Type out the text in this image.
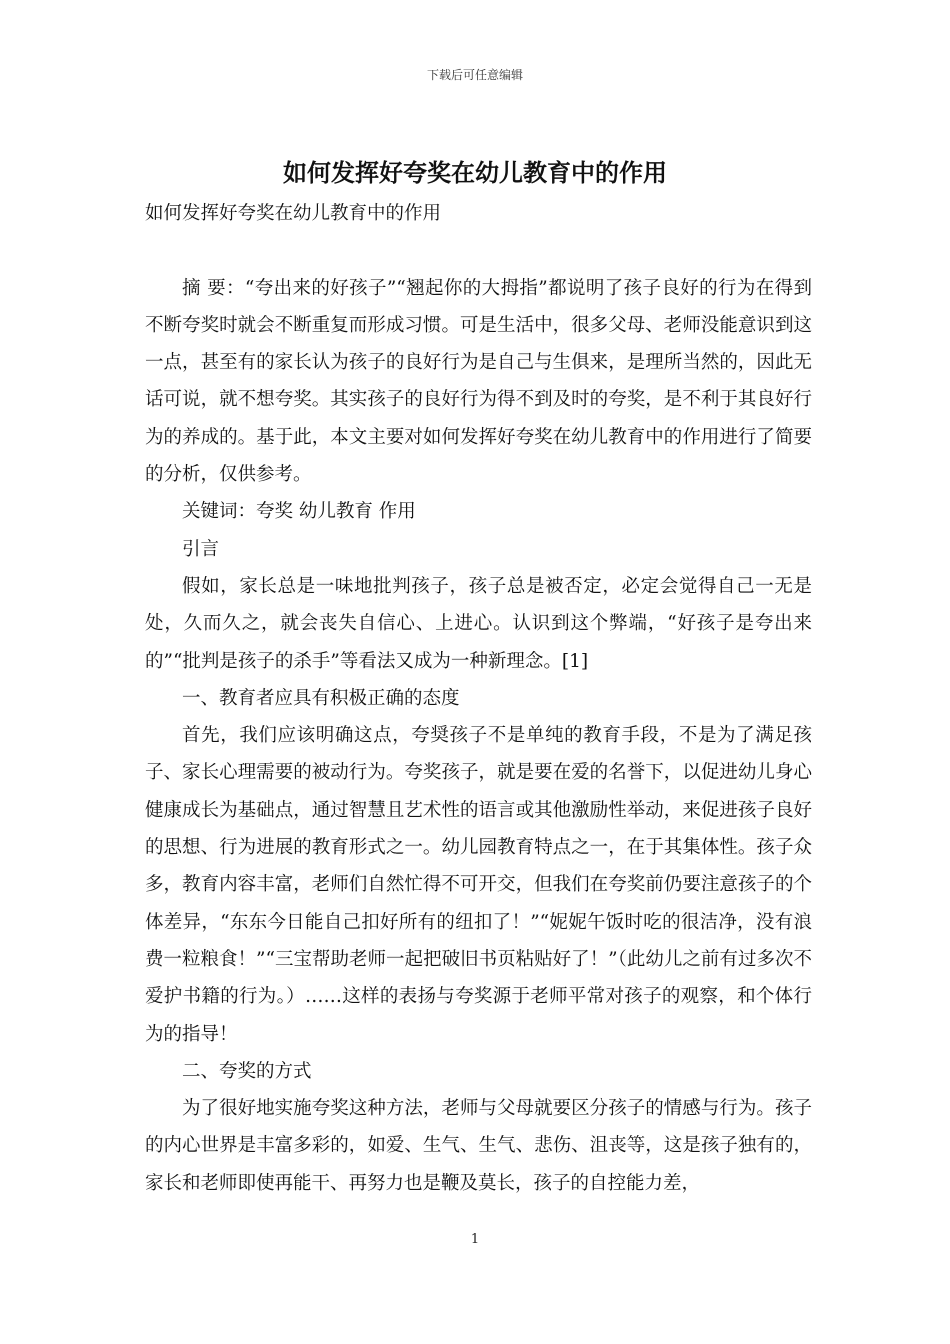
下载后可任意编辑
如何发挥好夸奖在幼儿教育中的作用

如何发挥好夸奖在幼儿教育中的作用

摘 要：“夸出来的好孩子”“翘起你的大拇指”都说明了孩子良好的行为在得到不断夸奖时就会不断重复而形成习惯。可是生活中，很多父母、老师没能意识到这一点，甚至有的家长认为孩子的良好行为是自己与生俱来，是理所当然的，因此无话可说，就不想夸奖。其实孩子的良好行为得不到及时的夸奖，是不利于其良好行为的养成的。基于此，本文主要对如何发挥好夸奖在幼儿教育中的作用进行了简要的分析，仅供参考。

关键词：夸奖 幼儿教育 作用

引言

假如，家长总是一味地批判孩子，孩子总是被否定，必定会觉得自己一无是处，久而久之，就会丧失自信心、上进心。认识到这个弊端，“好孩子是夸出来的”“批判是孩子的杀手”等看法又成为一种新理念。[1]

一、教育者应具有积极正确的态度

首先，我们应该明确这点，夸奨孩子不是单纯的教育手段，不是为了满足孩子、家长心理需要的被动行为。夸奖孩子，就是要在爱的名誉下，以促进幼儿身心健康成长为基础点，通过智慧且艺术性的语言或其他激励性举动，来促进孩子良好的思想、行为进展的教育形式之一。幼儿园教育特点之一，在于其集体性。孩子众多，教育内容丰富，老师们自然忙得不可开交，但我们在夸奖前仍要注意孩子的个体差异，“东东今日能自己扣好所有的纽扣了！”“妮妮午饭时吃的很洁净，没有浪费一粒粮食！”“三宝帮助老师一起把破旧书页粘贴好了！”（此幼儿之前有过多次不爱护书籍的行为。）……这样的表扬与夸奖源于老师平常对孩子的观察，和个体行为的指导！

二、夸奖的方式

为了很好地实施夸奖这种方法，老师与父母就要区分孩子的情感与行为。孩子的内心世界是丰富多彩的，如爱、生气、生气、悲伤、沮丧等，这是孩子独有的，家长和老师即使再能干、再努力也是鞭及莫长，孩子的自控能力差，

1
